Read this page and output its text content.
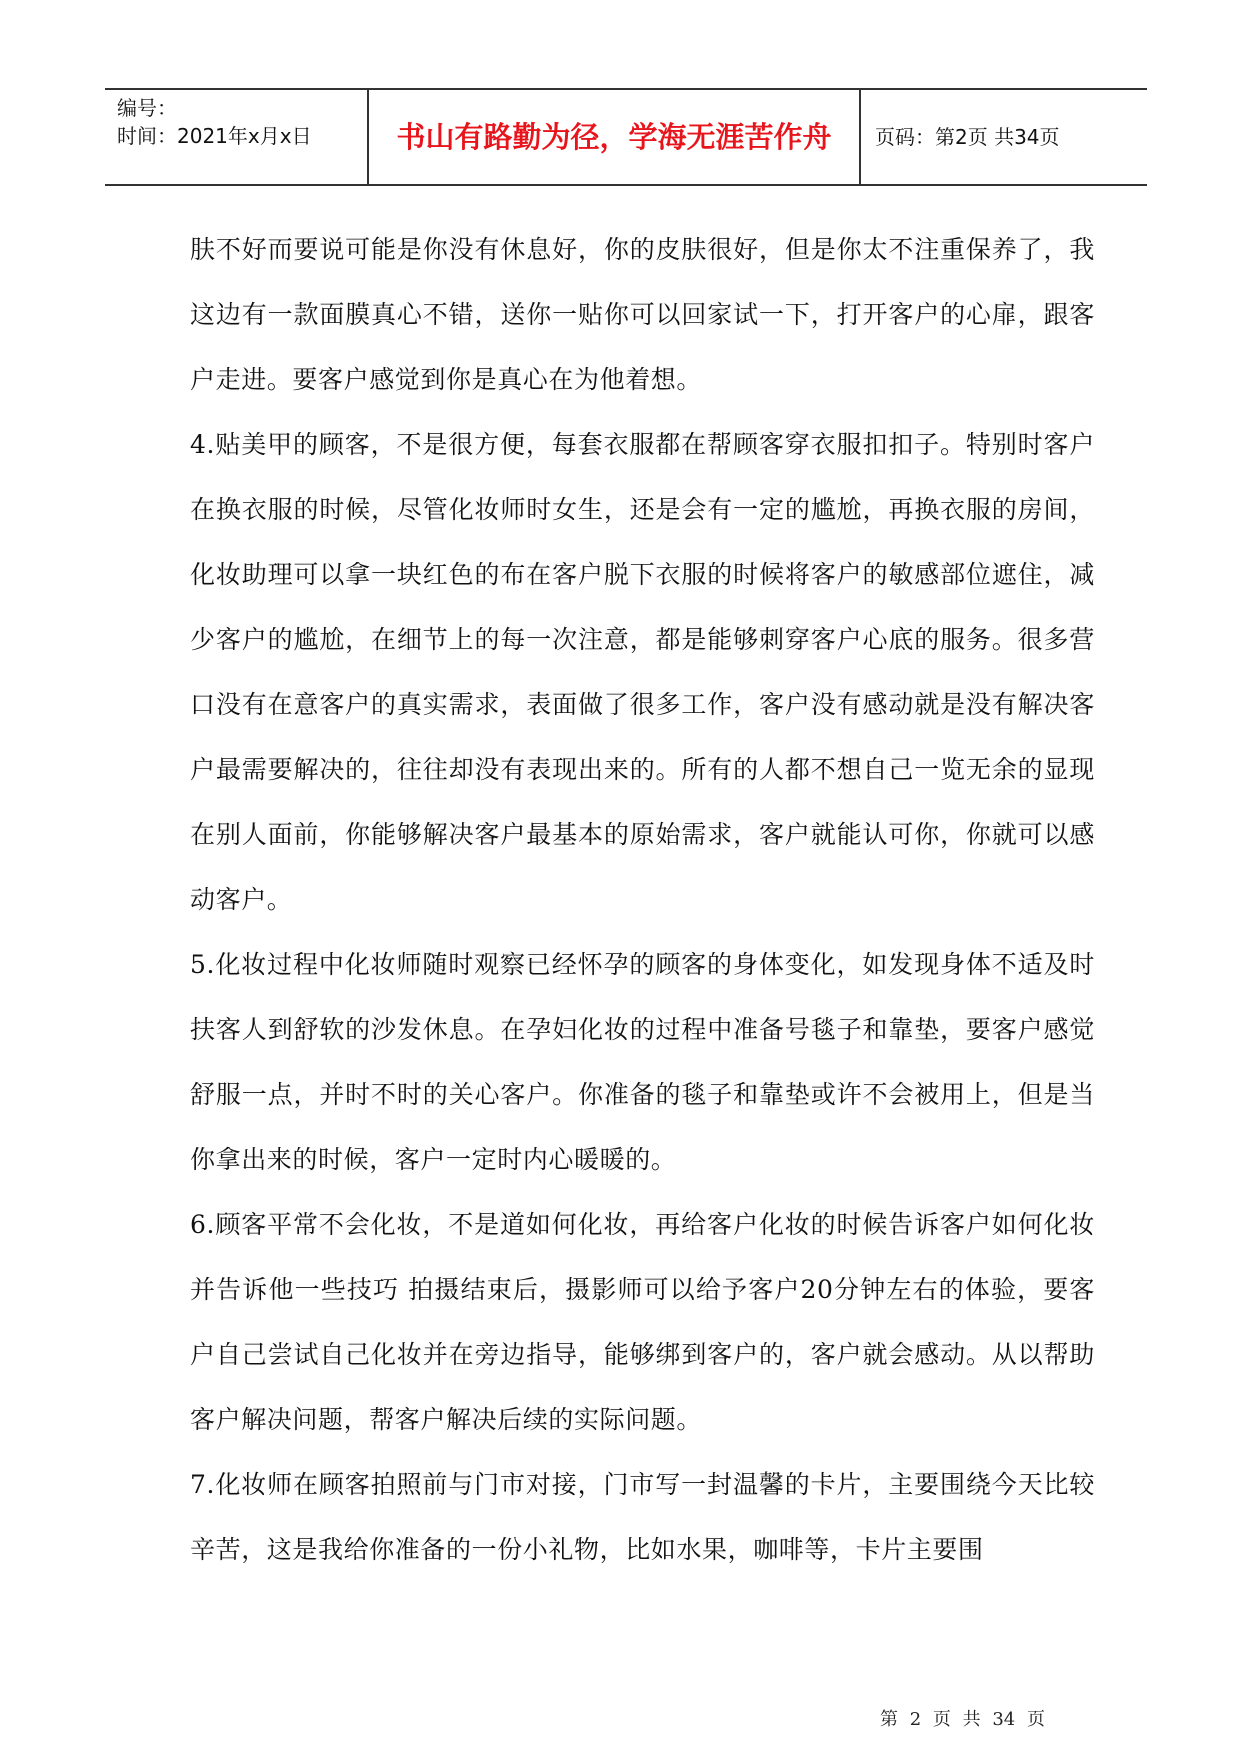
编号：
时间：2021年x月x日	书山有路勤为径，学海无涯苦作舟	页码：第2页 共34页

肤不好而要说可能是你没有休息好，你的皮肤很好，但是你太不注重保养了，我这边有一款面膜真心不错，送你一贴你可以回家试一下，打开客户的心扉，跟客户走进。要客户感觉到你是真心在为他着想。

4.贴美甲的顾客，不是很方便，每套衣服都在帮顾客穿衣服扣扣子。特别时客户在换衣服的时候，尽管化妆师时女生，还是会有一定的尴尬，再换衣服的房间，化妆助理可以拿一块红色的布在客户脱下衣服的时候将客户的敏感部位遮住，减少客户的尴尬，在细节上的每一次注意，都是能够刺穿客户心底的服务。很多营口没有在意客户的真实需求，表面做了很多工作，客户没有感动就是没有解决客户最需要解决的，往往却没有表现出来的。所有的人都不想自己一览无余的显现在别人面前，你能够解决客户最基本的原始需求，客户就能认可你，你就可以感动客户。

5.化妆过程中化妆师随时观察已经怀孕的顾客的身体变化，如发现身体不适及时扶客人到舒软的沙发休息。在孕妇化妆的过程中准备号毯子和靠垫，要客户感觉舒服一点，并时不时的关心客户。你准备的毯子和靠垫或许不会被用上，但是当你拿出来的时候，客户一定时内心暖暖的。

6.顾客平常不会化妆，不是道如何化妆，再给客户化妆的时候告诉客户如何化妆并告诉他一些技巧 拍摄结束后，摄影师可以给予客户20分钟左右的体验，要客户自己尝试自己化妆并在旁边指导，能够绑到客户的，客户就会感动。从以帮助客户解决问题，帮客户解决后续的实际问题。

7.化妆师在顾客拍照前与门市对接，门市写一封温馨的卡片，主要围绕今天比较辛苦，这是我给你准备的一份小礼物，比如水果，咖啡等，卡片主要围

第 2 页 共 34 页
